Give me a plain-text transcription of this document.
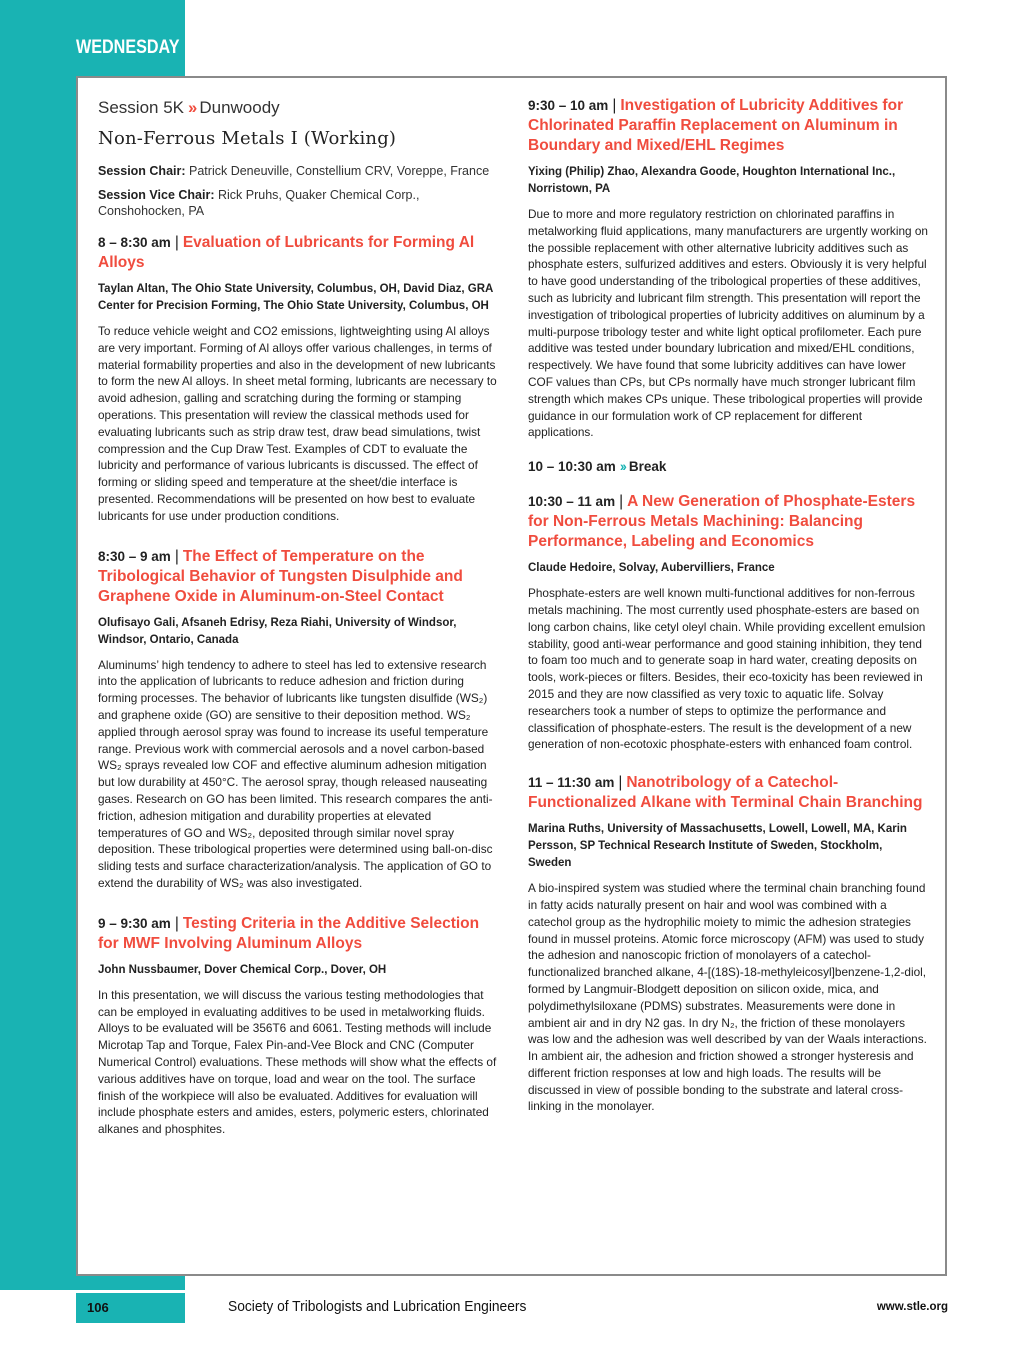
WEDNESDAY
Session 5K ›› Dunwoody
Non-Ferrous Metals I (Working)
Session Chair: Patrick Deneuville, Constellium CRV, Voreppe, France
Session Vice Chair: Rick Pruhs, Quaker Chemical Corp., Conshohocken, PA
8 – 8:30 am | Evaluation of Lubricants for Forming Al Alloys
Taylan Altan, The Ohio State University, Columbus, OH, David Diaz, GRA Center for Precision Forming, The Ohio State University, Columbus, OH
To reduce vehicle weight and CO2 emissions, lightweighting using Al alloys are very important. Forming of Al alloys offer various challenges, in terms of material formability properties and also in the development of new lubricants to form the new Al alloys. In sheet metal forming, lubricants are necessary to avoid adhesion, galling and scratching during the forming or stamping operations. This presentation will review the classical methods used for evaluating lubricants such as strip draw test, draw bead simulations, twist compression and the Cup Draw Test. Examples of CDT to evaluate the lubricity and performance of various lubricants is discussed. The effect of forming or sliding speed and temperature at the sheet/die interface is presented. Recommendations will be presented on how best to evaluate lubricants for use under production conditions.
8:30 – 9 am | The Effect of Temperature on the Tribological Behavior of Tungsten Disulphide and Graphene Oxide in Aluminum-on-Steel Contact
Olufisayo Gali, Afsaneh Edrisy, Reza Riahi, University of Windsor, Windsor, Ontario, Canada
Aluminums’ high tendency to adhere to steel has led to extensive research into the application of lubricants to reduce adhesion and friction during forming processes. The behavior of lubricants like tungsten disulfide (WS₂) and graphene oxide (GO) are sensitive to their deposition method. WS₂ applied through aerosol spray was found to increase its useful temperature range. Previous work with commercial aerosols and a novel carbon-based WS₂ sprays revealed low COF and effective aluminum adhesion mitigation but low durability at 450°C. The aerosol spray, though released nauseating gases. Research on GO has been limited. This research compares the anti-friction, adhesion mitigation and durability properties at elevated temperatures of GO and WS₂, deposited through similar novel spray deposition. These tribological properties were determined using ball-on-disc sliding tests and surface characterization/analysis. The application of GO to extend the durability of WS₂ was also investigated.
9 – 9:30 am | Testing Criteria in the Additive Selection for MWF Involving Aluminum Alloys
John Nussbaumer, Dover Chemical Corp., Dover, OH
In this presentation, we will discuss the various testing methodologies that can be employed in evaluating additives to be used in metalworking fluids. Alloys to be evaluated will be 356T6 and 6061. Testing methods will include Microtap Tap and Torque, Falex Pin-and-Vee Block and CNC (Computer Numerical Control) evaluations. These methods will show what the effects of various additives have on torque, load and wear on the tool. The surface finish of the workpiece will also be evaluated. Additives for evaluation will include phosphate esters and amides, esters, polymeric esters, chlorinated alkanes and phosphites.
9:30 – 10 am | Investigation of Lubricity Additives for Chlorinated Paraffin Replacement on Aluminum in Boundary and Mixed/EHL Regimes
Yixing (Philip) Zhao, Alexandra Goode, Houghton International Inc., Norristown, PA
Due to more and more regulatory restriction on chlorinated paraffins in metalworking fluid applications, many manufacturers are urgently working on the possible replacement with other alternative lubricity additives such as phosphate esters, sulfurized additives and esters. Obviously it is very helpful to have good understanding of the tribological properties of these additives, such as lubricity and lubricant film strength. This presentation will report the investigation of tribological properties of lubricity additives on aluminum by a multi-purpose tribology tester and white light optical profilometer. Each pure additive was tested under boundary lubrication and mixed/EHL conditions, respectively. We have found that some lubricity additives can have lower COF values than CPs, but CPs normally have much stronger lubricant film strength which makes CPs unique. These tribological properties will provide guidance in our formulation work of CP replacement for different applications.
10 – 10:30 am ›› Break
10:30 – 11 am | A New Generation of Phosphate-Esters for Non-Ferrous Metals Machining: Balancing Performance, Labeling and Economics
Claude Hedoire, Solvay, Aubervilliers, France
Phosphate-esters are well known multi-functional additives for non-ferrous metals machining. The most currently used phosphate-esters are based on long carbon chains, like cetyl oleyl chain. While providing excellent emulsion stability, good anti-wear performance and good staining inhibition, they tend to foam too much and to generate soap in hard water, creating deposits on tools, work-pieces or filters. Besides, their eco-toxicity has been reviewed in 2015 and they are now classified as very toxic to aquatic life. Solvay researchers took a number of steps to optimize the performance and classification of phosphate-esters. The result is the development of a new generation of non-ecotoxic phosphate-esters with enhanced foam control.
11 – 11:30 am | Nanotribology of a Catechol-Functionalized Alkane with Terminal Chain Branching
Marina Ruths, University of Massachusetts, Lowell, Lowell, MA, Karin Persson, SP Technical Research Institute of Sweden, Stockholm, Sweden
A bio-inspired system was studied where the terminal chain branching found in fatty acids naturally present on hair and wool was combined with a catechol group as the hydrophilic moiety to mimic the adhesion strategies found in mussel proteins. Atomic force microscopy (AFM) was used to study the adhesion and nanoscopic friction of monolayers of a catechol-functionalized branched alkane, 4-[(18S)-18-methyleicosyl]benzene-1,2-diol, formed by Langmuir-Blodgett deposition on silicon oxide, mica, and polydimethylsiloxane (PDMS) substrates. Measurements were done in ambient air and in dry N2 gas. In dry N₂, the friction of these monolayers was low and the adhesion was well described by van der Waals interactions. In ambient air, the adhesion and friction showed a stronger hysteresis and different friction responses at low and high loads. The results will be discussed in view of possible bonding to the substrate and lateral cross-linking in the monolayer.
106	Society of Tribologists and Lubrication Engineers	www.stle.org
